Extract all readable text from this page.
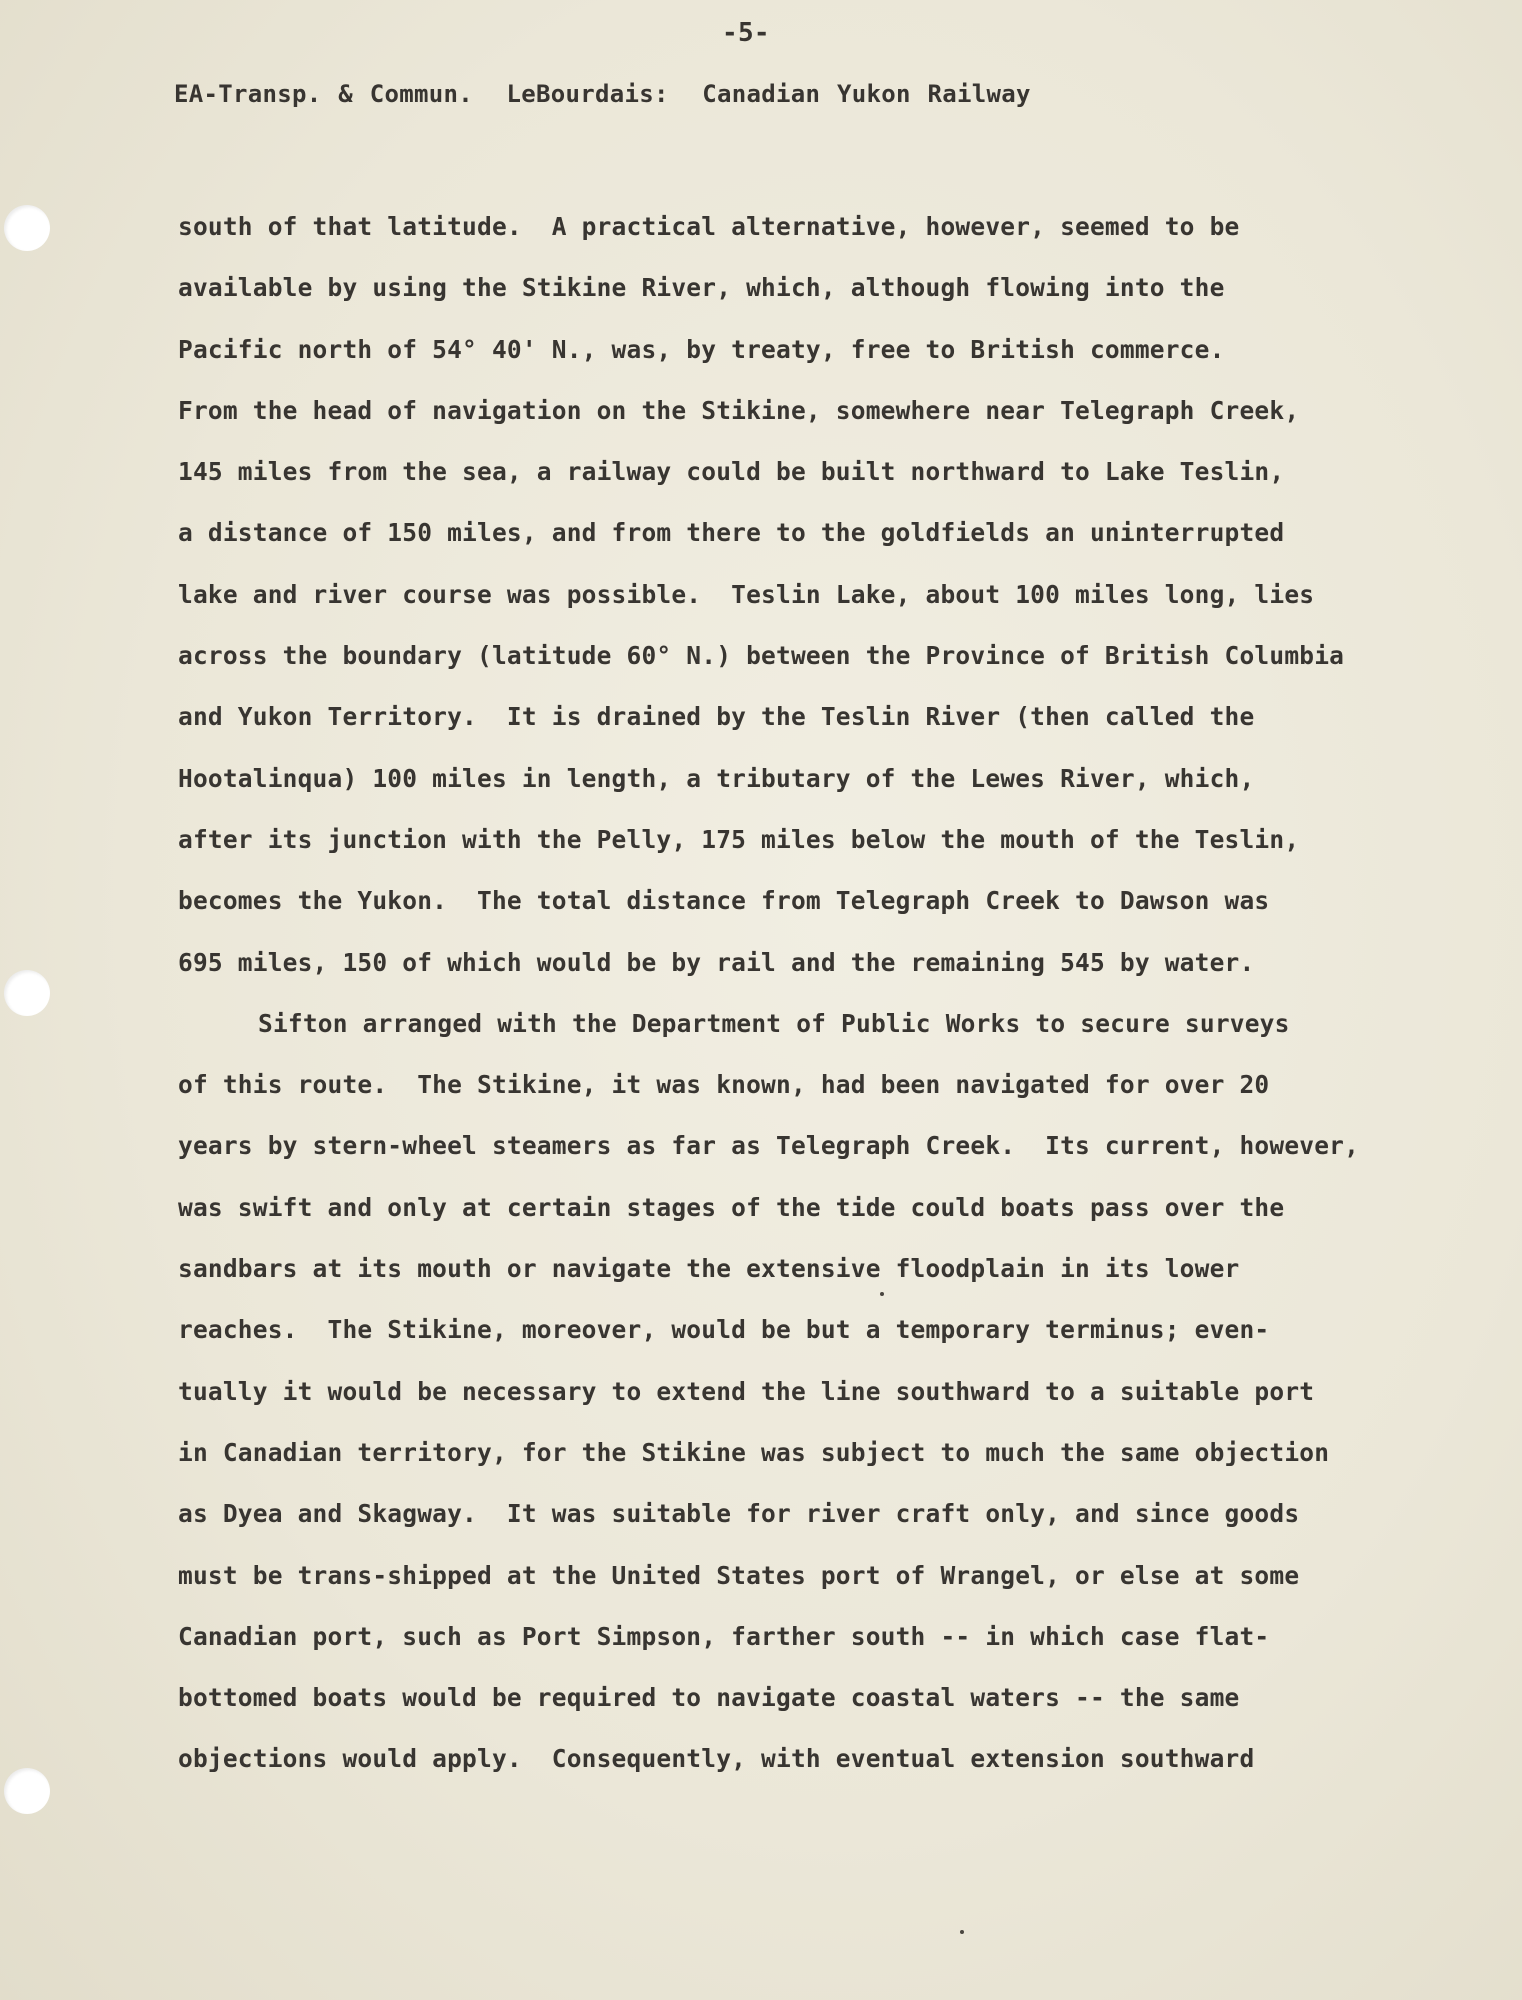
-5-
EA-Transp. & Commun.  LeBourdais:  Canadian Yukon Railway
south of that latitude.  A practical alternative, however, seemed to be
available by using the Stikine River, which, although flowing into the
Pacific north of 54° 40' N., was, by treaty, free to British commerce.
From the head of navigation on the Stikine, somewhere near Telegraph Creek,
145 miles from the sea, a railway could be built northward to Lake Teslin,
a distance of 150 miles, and from there to the goldfields an uninterrupted
lake and river course was possible.  Teslin Lake, about 100 miles long, lies
across the boundary (latitude 60° N.) between the Province of British Columbia
and Yukon Territory.  It is drained by the Teslin River (then called the
Hootalinqua) 100 miles in length, a tributary of the Lewes River, which,
after its junction with the Pelly, 175 miles below the mouth of the Teslin,
becomes the Yukon.  The total distance from Telegraph Creek to Dawson was
695 miles, 150 of which would be by rail and the remaining 545 by water.
Sifton arranged with the Department of Public Works to secure surveys
of this route.  The Stikine, it was known, had been navigated for over 20
years by stern-wheel steamers as far as Telegraph Creek.  Its current, however,
was swift and only at certain stages of the tide could boats pass over the
sandbars at its mouth or navigate the extensive floodplain in its lower
reaches.  The Stikine, moreover, would be but a temporary terminus; even-
tually it would be necessary to extend the line southward to a suitable port
in Canadian territory, for the Stikine was subject to much the same objection
as Dyea and Skagway.  It was suitable for river craft only, and since goods
must be trans-shipped at the United States port of Wrangel, or else at some
Canadian port, such as Port Simpson, farther south -- in which case flat-
bottomed boats would be required to navigate coastal waters -- the same
objections would apply.  Consequently, with eventual extension southward
